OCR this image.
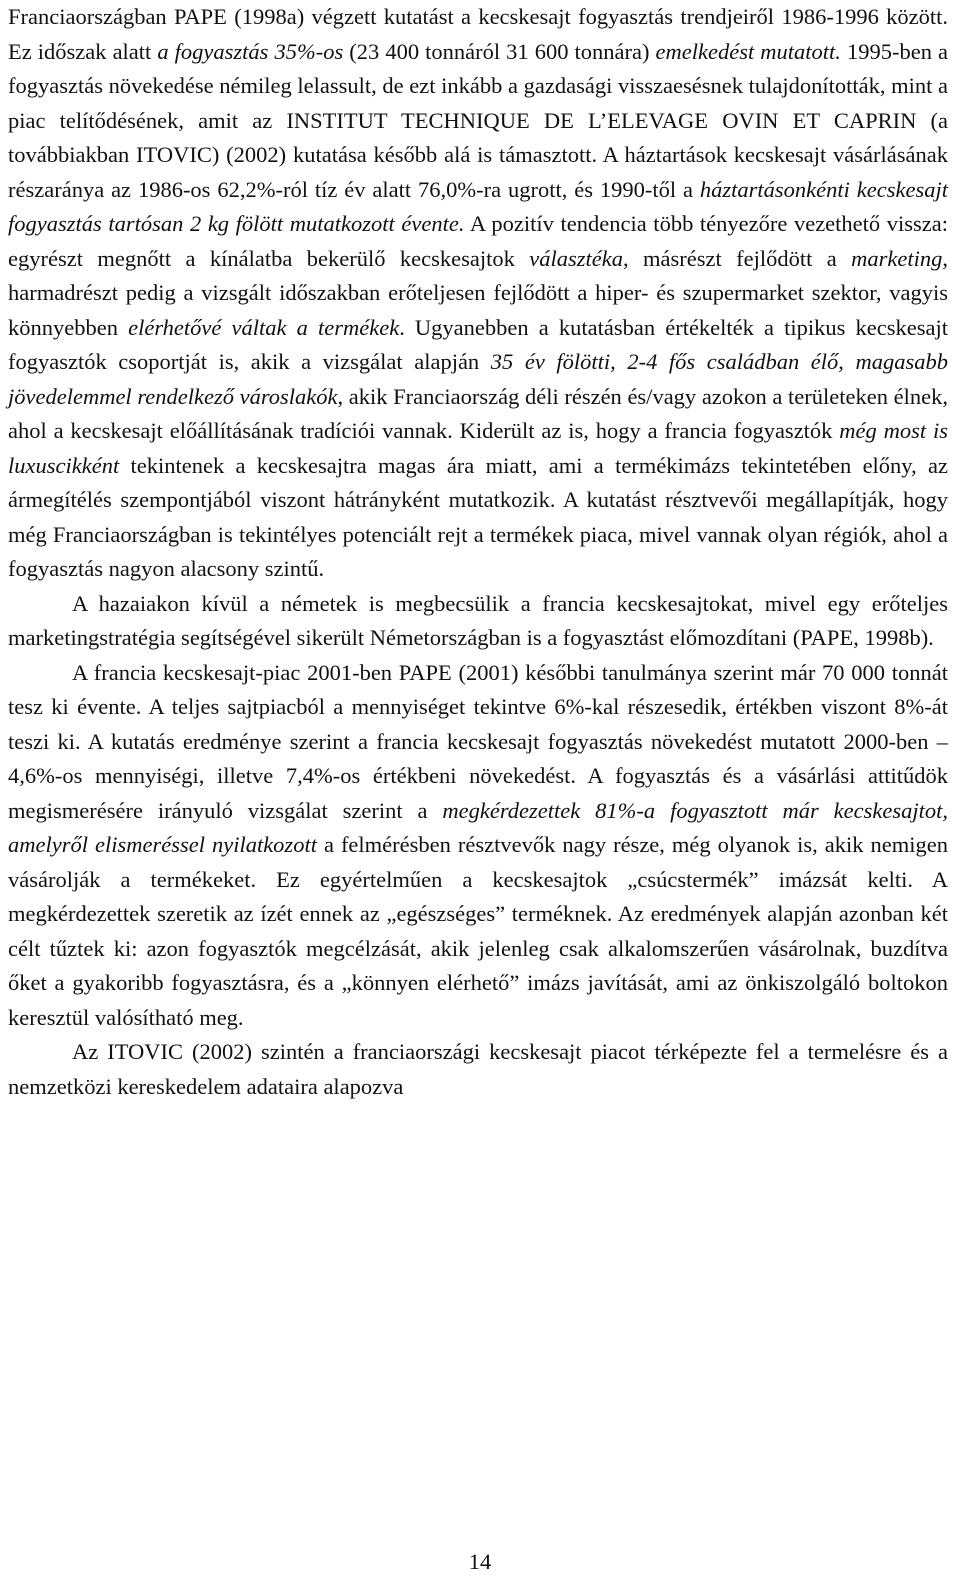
Franciaországban PAPE (1998a) végzett kutatást a kecskesajt fogyasztás trendjeiről 1986-1996 között. Ez időszak alatt a fogyasztás 35%-os (23 400 tonnáról 31 600 tonnára) emelkedést mutatott. 1995-ben a fogyasztás növekedése némileg lelassult, de ezt inkább a gazdasági visszaesésnek tulajdonították, mint a piac telítődésének, amit az INSTITUT TECHNIQUE DE L’ELEVAGE OVIN ET CAPRIN (a továbbiakban ITOVIC) (2002) kutatása később alá is támasztott. A háztartások kecskesajt vásárlásának részaránya az 1986-os 62,2%-ról tíz év alatt 76,0%-ra ugrott, és 1990-től a háztartásonkénti kecskesajt fogyasztás tartósan 2 kg fölött mutatkozott évente. A pozitív tendencia több tényezőre vezethető vissza: egyrészt megnőtt a kínálatba bekerülő kecskesajtok választéka, másrészt fejlődött a marketing, harmadrészt pedig a vizsgált időszakban erőteljesen fejlődött a hiper- és szupermarket szektor, vagyis könnyebben elérhetővé váltak a termékek. Ugyanebben a kutatásban értékelték a tipikus kecskesajt fogyasztók csoportját is, akik a vizsgálat alapján 35 év fölötti, 2-4 fős családban élő, magasabb jövedelemmel rendelkező városlakók, akik Franciaország déli részén és/vagy azokon a területeken élnek, ahol a kecskesajt előállításának tradíciói vannak. Kiderült az is, hogy a francia fogyasztók még most is luxuscikként tekintenek a kecskesajtra magas ára miatt, ami a termékimázs tekintetében előny, az ármegítélés szempontjából viszont hátrányként mutatkozik. A kutatást résztvevői megállapítják, hogy még Franciaországban is tekintélyes potenciált rejt a termékek piaca, mivel vannak olyan régiók, ahol a fogyasztás nagyon alacsony szintű.

A hazaiakon kívül a németek is megbecsülik a francia kecskesajtokat, mivel egy erőteljes marketingstratégia segítségével sikerült Németországban is a fogyasztást előmozdítani (PAPE, 1998b).

A francia kecskesajt-piac 2001-ben PAPE (2001) későbbi tanulmánya szerint már 70 000 tonnát tesz ki évente. A teljes sajtpiacból a mennyiséget tekintve 6%-kal részesedik, értékben viszont 8%-át teszi ki. A kutatás eredménye szerint a francia kecskesajt fogyasztás növekedést mutatott 2000-ben – 4,6%-os mennyiségi, illetve 7,4%-os értékbeni növekedést. A fogyasztás és a vásárlási attitűdök megismerésére irányuló vizsgálat szerint a megkérdezettek 81%-a fogyasztott már kecskesajtot, amelyről elismeréssel nyilatkozott a felmérésben résztvevők nagy része, még olyanok is, akik nemigen vásárolják a termékeket. Ez egyértelműen a kecskesajtok „csúcstermék” imázsát kelti. A megkérdezettek szeretik az ízét ennek az „egészséges” terméknek. Az eredmények alapján azonban két célt tűztek ki: azon fogyasztók megcélzását, akik jelenleg csak alkalomszerűen vásárolnak, buzdítva őket a gyakoribb fogyasztásra, és a „könnyen elérhető” imázs javítását, ami az önkiszolgáló boltokon keresztül valósítható meg.

Az ITOVIC (2002) szintén a franciaországi kecskesajt piacot térképezte fel a termelésre és a nemzetközi kereskedelem adataira alapozva

14
